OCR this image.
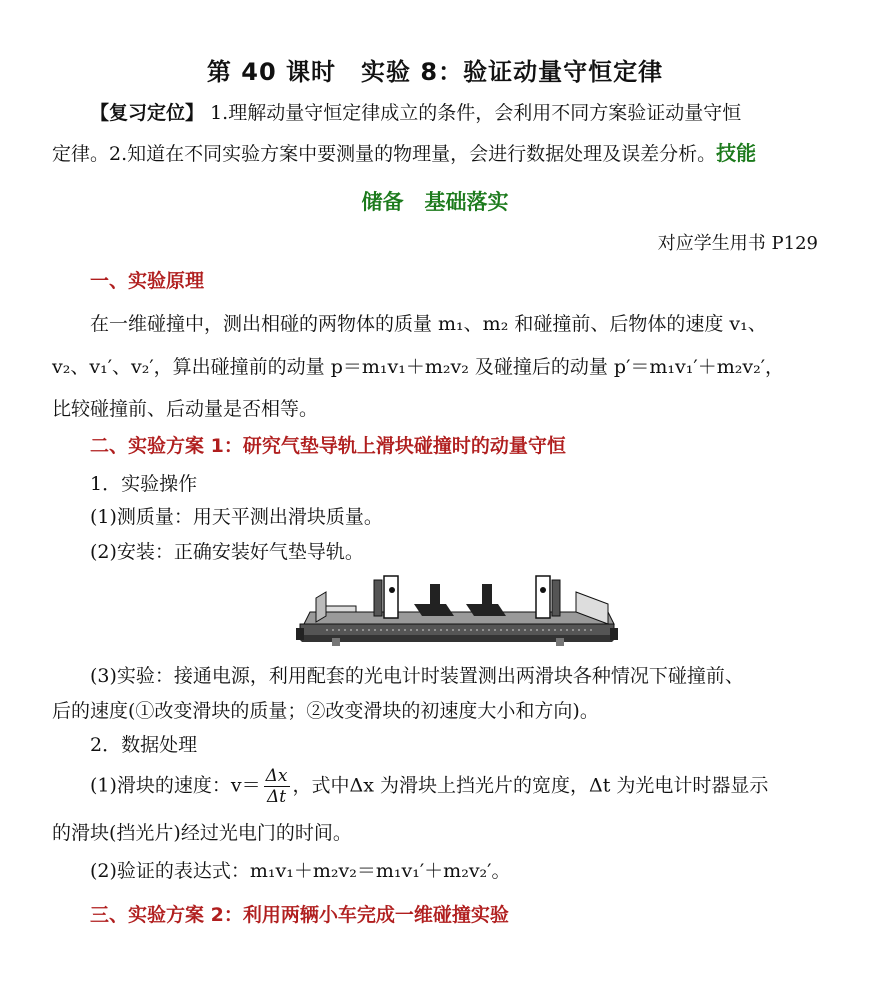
第 40 课时　实验 8：验证动量守恒定律
【复习定位】 1.理解动量守恒定律成立的条件，会利用不同方案验证动量守恒
定律。2.知道在不同实验方案中要测量的物理量，会进行数据处理及误差分析。技能
储备　基础落实
对应学生用书 P129
一、实验原理
在一维碰撞中，测出相碰的两物体的质量 m₁、m₂ 和碰撞前、后物体的速度 v₁、
v₂、v₁′、v₂′，算出碰撞前的动量 p＝m₁v₁＋m₂v₂ 及碰撞后的动量 p′＝m₁v₁′＋m₂v₂′，
比较碰撞前、后动量是否相等。
二、实验方案 1：研究气垫导轨上滑块碰撞时的动量守恒
1．实验操作
(1)测质量：用天平测出滑块质量。
(2)安装：正确安装好气垫导轨。
(3)实验：接通电源，利用配套的光电计时装置测出两滑块各种情况下碰撞前、
后的速度(①改变滑块的质量；②改变滑块的初速度大小和方向)。
2．数据处理
(1)滑块的速度：$v= \frac{\Delta x}{\Delta t}$ ，式中Δx 为滑块上挡光片的宽度，Δt 为光电计时器显示
的滑块(挡光片)经过光电门的时间。
(2)验证的表达式：m₁v₁＋m₂v₂＝m₁v₁′＋m₂v₂′。
三、实验方案 2：利用两辆小车完成一维碰撞实验
